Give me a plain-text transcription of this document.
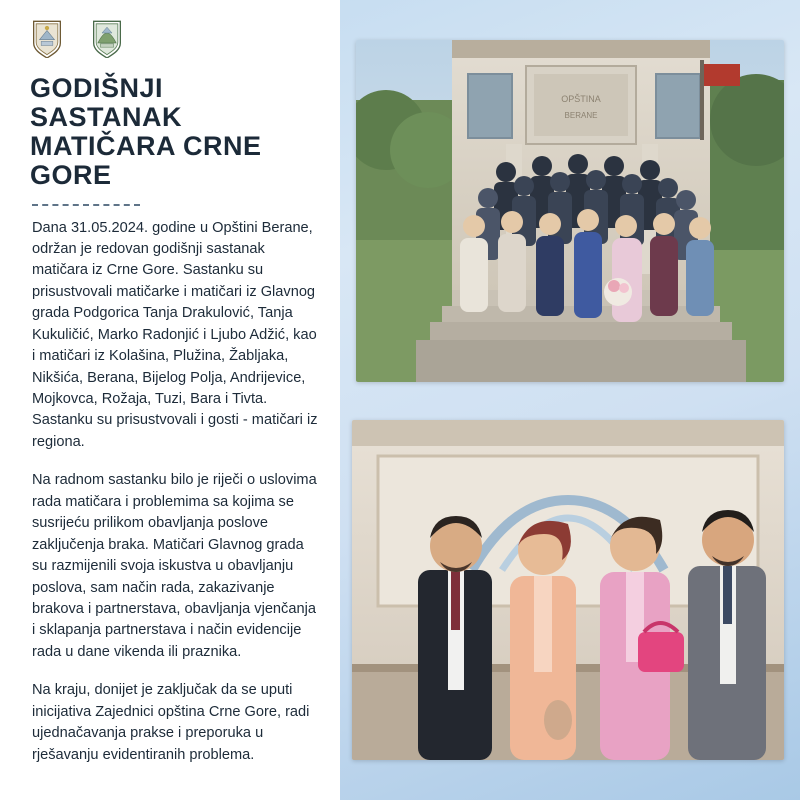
GODIŠNJI SASTANAK MATIČARA CRNE GORE

Dana 31.05.2024. godine u Opštini Berane, održan je redovan godišnji sastanak matičara iz Crne Gore. Sastanku su prisustvovali matičarke i matičari iz Glavnog grada Podgorica Tanja Drakulović, Tanja Kukuličić, Marko Radonjić i Ljubo Adžić, kao i matičari iz Kolašina, Plužina, Žabljaka, Nikšića, Berana, Bijelog Polja, Andrijevice, Mojkovca, Rožaja, Tuzi, Bara i Tivta. Sastanku su prisustvovali i gosti - matičari iz regiona.

Na radnom sastanku bilo je riječi o uslovima rada matičara i problemima sa kojima se susrijeću prilikom obavljanja poslove zaključenja braka. Matičari Glavnog grada su razmijenili svoja iskustva u obavljanju poslova, sam način rada, zakazivanje brakova i partnerstava, obavljanja vjenčanja i sklapanja partnerstava i način evidencije rada u dane vikenda ili praznika.

Na kraju, donijet je zaključak da se uputi inicijativa Zajednici opština Crne Gore, radi ujednačavanja prakse i preporuka u rješavanju evidentiranih problema.

OPŠTINA
BERANE
